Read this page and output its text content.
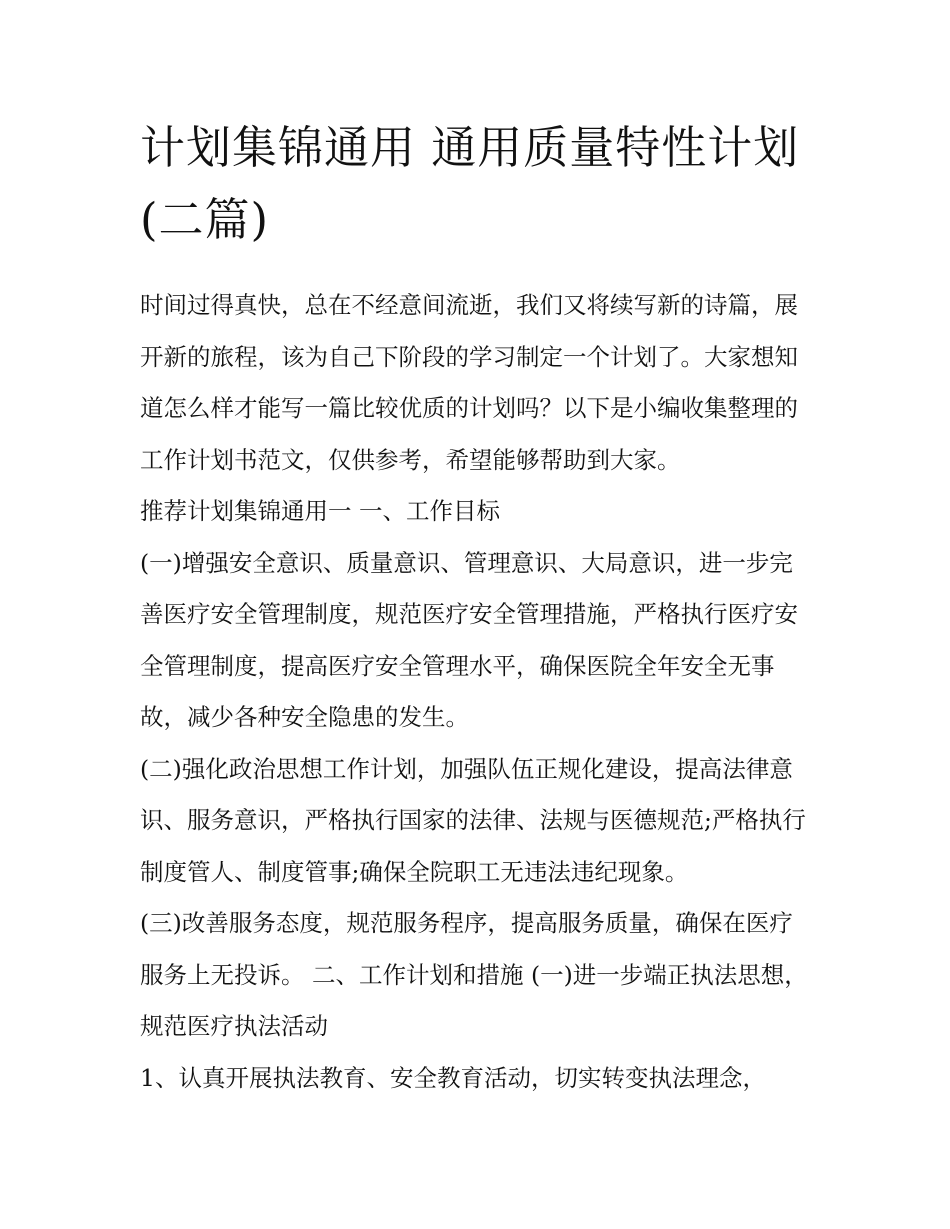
计划集锦通用 通用质量特性计划(二篇)

时间过得真快，总在不经意间流逝，我们又将续写新的诗篇，展开新的旅程，该为自己下阶段的学习制定一个计划了。大家想知道怎么样才能写一篇比较优质的计划吗？以下是小编收集整理的工作计划书范文，仅供参考，希望能够帮助到大家。

推荐计划集锦通用一 一、工作目标

(一)增强安全意识、质量意识、管理意识、大局意识，进一步完善医疗安全管理制度，规范医疗安全管理措施，严格执行医疗安全管理制度，提高医疗安全管理水平，确保医院全年安全无事故，减少各种安全隐患的发生。

(二)强化政治思想工作计划，加强队伍正规化建设，提高法律意识、服务意识，严格执行国家的法律、法规与医德规范;严格执行制度管人、制度管事;确保全院职工无违法违纪现象。

(三)改善服务态度，规范服务程序，提高服务质量，确保在医疗服务上无投诉。 二、工作计划和措施 (一)进一步端正执法思想，规范医疗执法活动

1、认真开展执法教育、安全教育活动，切实转变执法理念，
